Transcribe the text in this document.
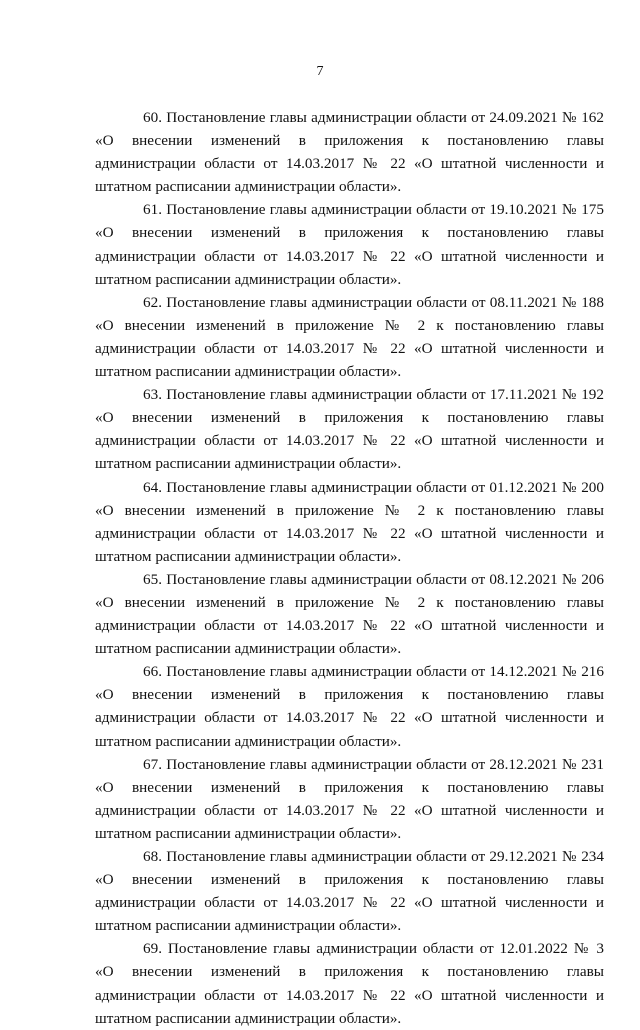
7

60. Постановление главы администрации области от 24.09.2021 № 162 «О внесении изменений в приложения к постановлению главы администрации области от 14.03.2017 № 22 «О штатной численности и штатном расписании администрации области».

61. Постановление главы администрации области от 19.10.2021 № 175 «О внесении изменений в приложения к постановлению главы администрации области от 14.03.2017 № 22 «О штатной численности и штатном расписании администрации области».

62. Постановление главы администрации области от 08.11.2021 № 188 «О внесении изменений в приложение № 2 к постановлению главы администрации области от 14.03.2017 № 22 «О штатной численности и штатном расписании администрации области».

63. Постановление главы администрации области от 17.11.2021 № 192 «О внесении изменений в приложения к постановлению главы администрации области от 14.03.2017 № 22 «О штатной численности и штатном расписании администрации области».

64. Постановление главы администрации области от 01.12.2021 № 200 «О внесении изменений в приложение № 2 к постановлению главы администрации области от 14.03.2017 № 22 «О штатной численности и штатном расписании администрации области».

65. Постановление главы администрации области от 08.12.2021 № 206 «О внесении изменений в приложение № 2 к постановлению главы администрации области от 14.03.2017 № 22 «О штатной численности и штатном расписании администрации области».

66. Постановление главы администрации области от 14.12.2021 № 216 «О внесении изменений в приложения к постановлению главы администрации области от 14.03.2017 № 22 «О штатной численности и штатном расписании администрации области».

67. Постановление главы администрации области от 28.12.2021 № 231 «О внесении изменений в приложения к постановлению главы администрации области от 14.03.2017 № 22 «О штатной численности и штатном расписании администрации области».

68. Постановление главы администрации области от 29.12.2021 № 234 «О внесении изменений в приложения к постановлению главы администрации области от 14.03.2017 № 22 «О штатной численности и штатном расписании администрации области».

69. Постановление главы администрации области от 12.01.2022 № 3 «О внесении изменений в приложения к постановлению главы администрации области от 14.03.2017 № 22 «О штатной численности и штатном расписании администрации области».
